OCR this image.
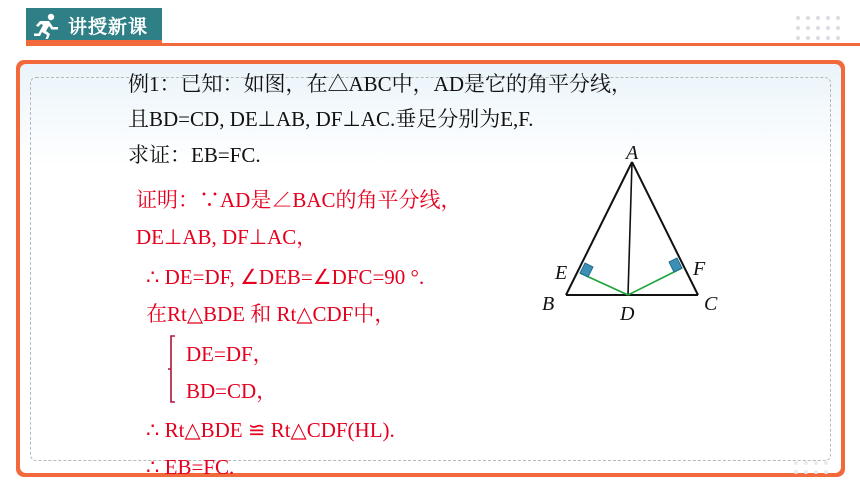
讲授新课
例1：已知：如图，在△ABC中，AD是它的角平分线，
且BD=CD, DE⊥AB, DF⊥AC.垂足分别为E,F.
求证：EB=FC.
证明：∵AD是∠BAC的角平分线，
DE⊥AB, DF⊥AC，
∴ DE=DF, ∠DEB=∠DFC=90 °.
在Rt△BDE 和 Rt△CDF中，
DE=DF，
BD=CD，
∴ Rt△BDE ≌ Rt△CDF(HL).
∴ EB=FC.
A
B	C
D
E	F
